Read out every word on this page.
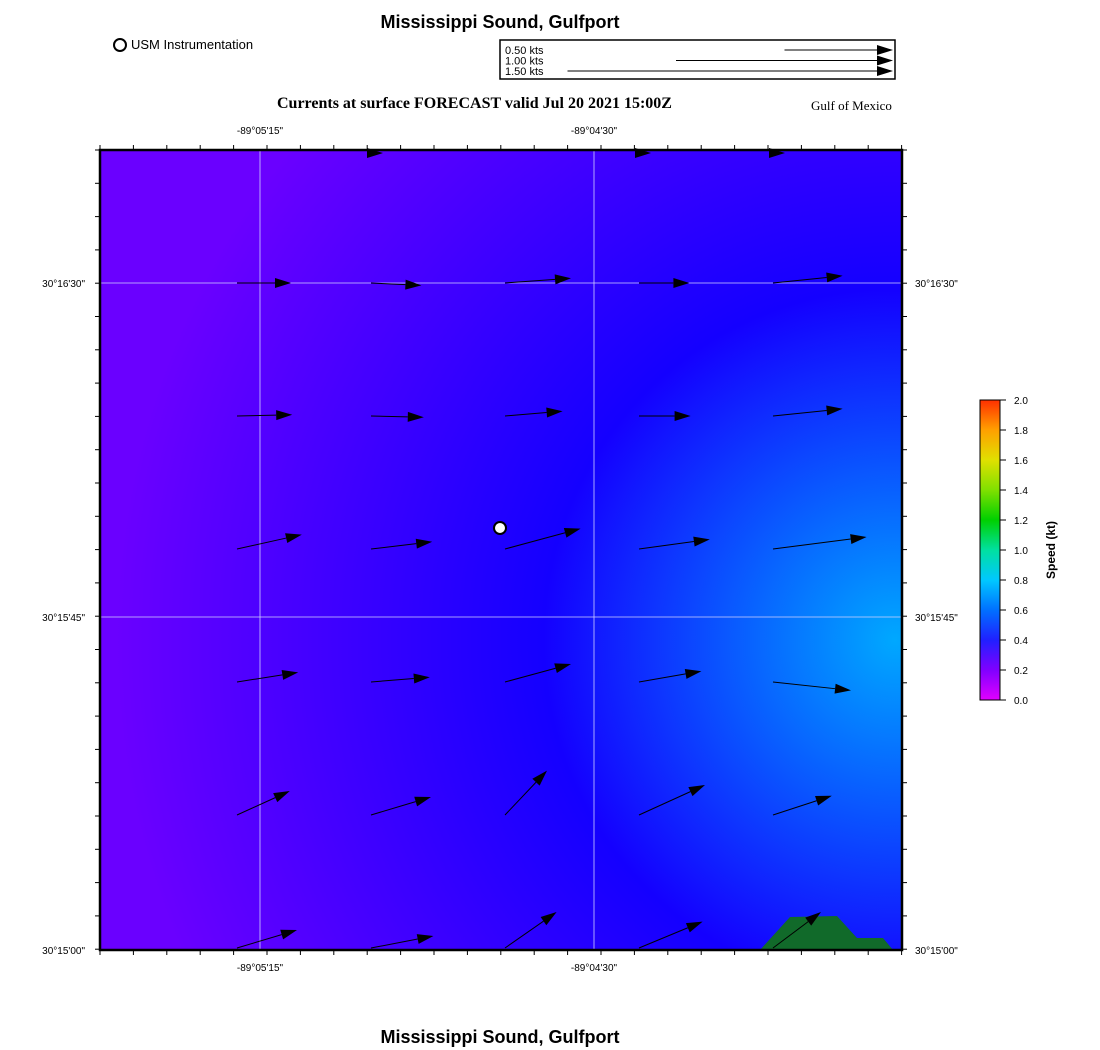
Mississippi Sound, Gulfport
USM Instrumentation	0.50 kts
1.00 kts
1.50 kts
Currents at surface FORECAST valid Jul 20 2021 15:00Z	Gulf of Mexico
-89°05'15"	-89°04'30"
-89°05'15"	-89°04'30"
30°16'30"
30°15'45"
30°15'00"
30°16'30"
30°15'45"
30°15'00"
0.0
0.2
0.4
0.6
0.8
1.0
1.2
1.4
1.6
1.8
2.0
Speed (kt)
Mississippi Sound, Gulfport
